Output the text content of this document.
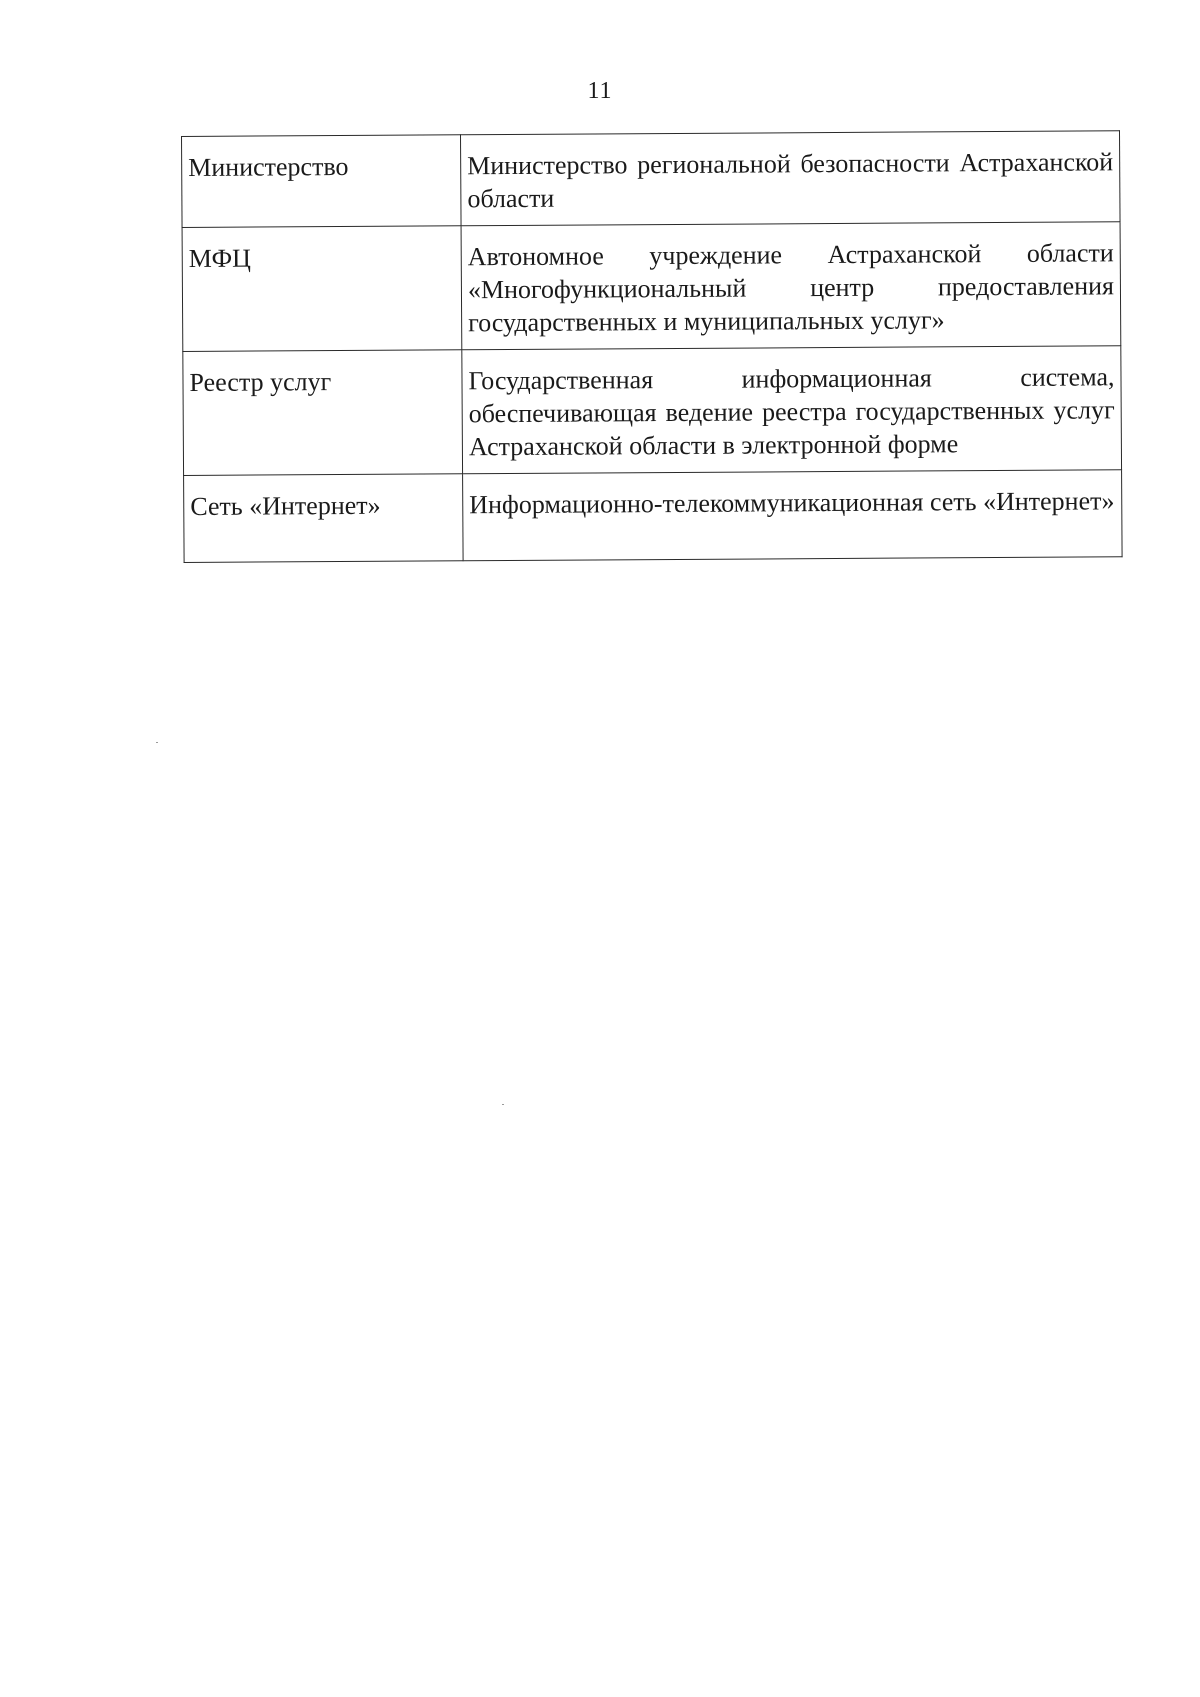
11
Министерство	Министерство региональной безопасности Астраханской области
МФЦ	Автономное учреждение Астраханской области «Многофункциональный центр предоставления государственных и муниципальных услуг»
Реестр услуг	Государственная информационная система, обеспечивающая ведение реестра государственных услуг Астраханской области в электронной форме
Сеть «Интернет»	Информационно-телекоммуникационная сеть «Интернет»
